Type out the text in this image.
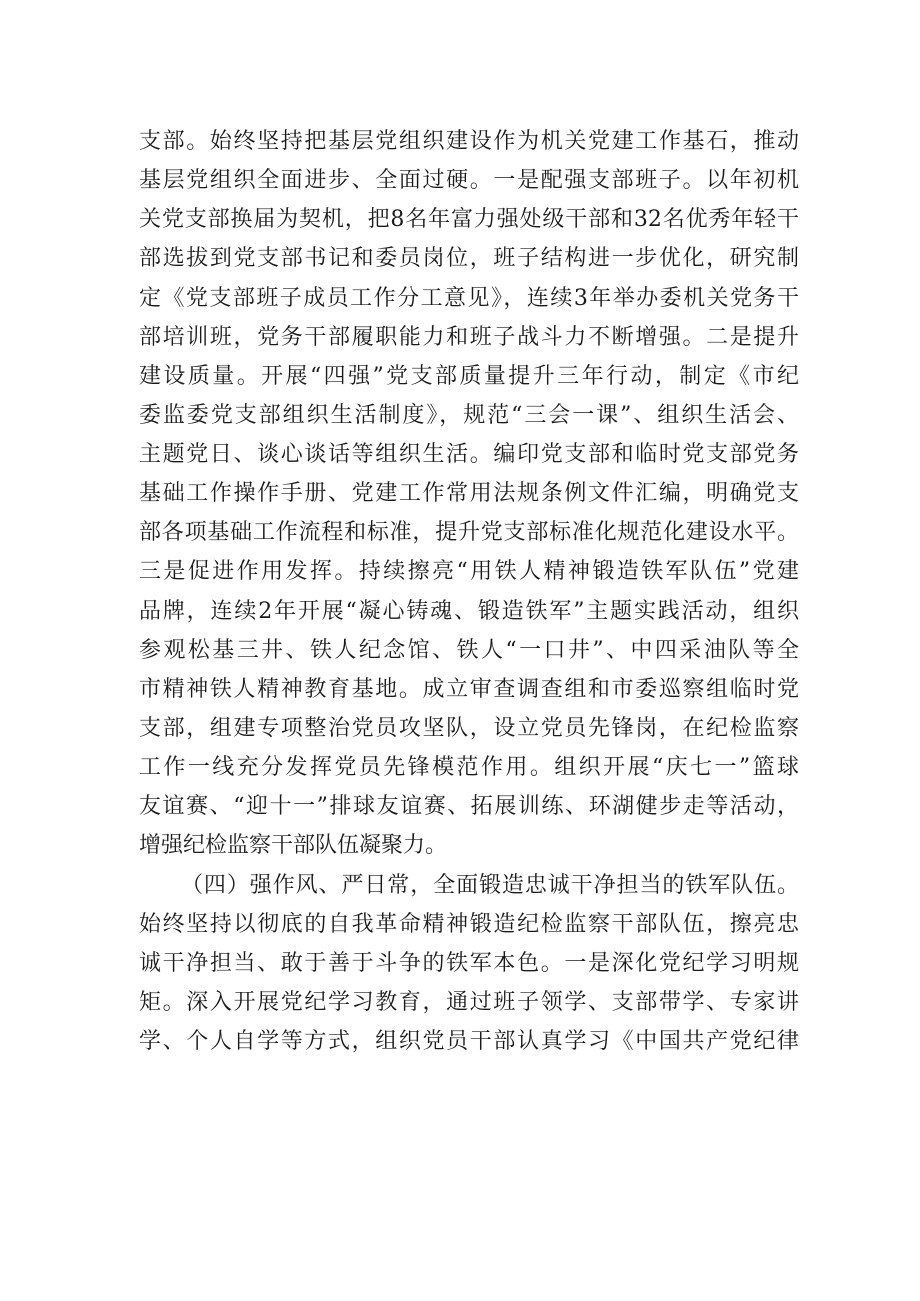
支部。始终坚持把基层党组织建设作为机关党建工作基石，推动
基层党组织全面进步、全面过硬。一是配强支部班子。以年初机
关党支部换届为契机，把8名年富力强处级干部和32名优秀年轻干
部选拔到党支部书记和委员岗位，班子结构进一步优化，研究制
定《党支部班子成员工作分工意见》，连续3年举办委机关党务干
部培训班，党务干部履职能力和班子战斗力不断增强。二是提升
建设质量。开展“四强”党支部质量提升三年行动，制定《市纪
委监委党支部组织生活制度》，规范“三会一课”、组织生活会、
主题党日、谈心谈话等组织生活。编印党支部和临时党支部党务
基础工作操作手册、党建工作常用法规条例文件汇编，明确党支
部各项基础工作流程和标准，提升党支部标准化规范化建设水平。
三是促进作用发挥。持续擦亮“用铁人精神锻造铁军队伍”党建
品牌，连续2年开展“凝心铸魂、锻造铁军”主题实践活动，组织
参观松基三井、铁人纪念馆、铁人“一口井”、中四采油队等全
市精神铁人精神教育基地。成立审查调查组和市委巡察组临时党
支部，组建专项整治党员攻坚队，设立党员先锋岗，在纪检监察
工作一线充分发挥党员先锋模范作用。组织开展“庆七一”篮球
友谊赛、“迎十一”排球友谊赛、拓展训练、环湖健步走等活动，
增强纪检监察干部队伍凝聚力。
（四）强作风、严日常，全面锻造忠诚干净担当的铁军队伍。
始终坚持以彻底的自我革命精神锻造纪检监察干部队伍，擦亮忠
诚干净担当、敢于善于斗争的铁军本色。一是深化党纪学习明规
矩。深入开展党纪学习教育，通过班子领学、支部带学、专家讲
学、个人自学等方式，组织党员干部认真学习《中国共产党纪律
